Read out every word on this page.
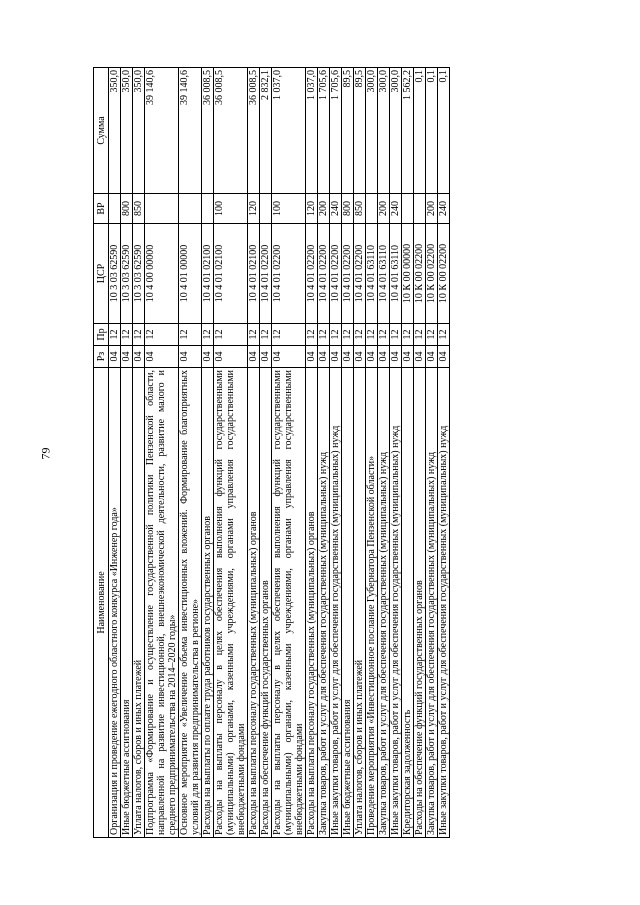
79
Наименование	Рз	Пр	ЦСР	ВР	Сумма
Организация и проведение ежегодного областного конкурса «Инженер года»	04	12	10 3 03 62590		350,0
Иные бюджетные ассигнования	04	12	10 3 03 62590	800	350,0
Уплата налогов, сборов и иных платежей	04	12	10 3 03 62590	850	350,0
Подпрограмма «Формирование и осуществление государственной политики Пензенской области, направленной на развитие инвестиционной, внешнеэкономической деятельности, развитие малого и среднего предпринимательства на 2014–2020 годы»	04	12	10 4 00 00000		39 140,6
Основное мероприятие «Увеличение объема инвестиционных вложений. Формирование благоприятных условий для развития предпринимательства в регионе»	04	12	10 4 01 00000		39 140,6
Расходы на выплаты по оплате труда работников государственных органов	04	12	10 4 01 02100		36 008,5
Расходы на выплаты персоналу в целях обеспечения выполнения функций государственными (муниципальными) органами, казенными учреждениями, органами управления государственными внебюджетными фондами	04	12	10 4 01 02100	100	36 008,5
Расходы на выплаты персоналу государственных (муниципальных) органов	04	12	10 4 01 02100	120	36 008,5
Расходы на обеспечение функций государственных органов	04	12	10 4 01 02200		2 832,1
Расходы на выплаты персоналу в целях обеспечения выполнения функций государственными (муниципальными) органами, казенными учреждениями, органами управления государственными внебюджетными фондами	04	12	10 4 01 02200	100	1 037,0
Расходы на выплаты персоналу государственных (муниципальных) органов	04	12	10 4 01 02200	120	1 037,0
Закупка товаров, работ и услуг для обеспечения государственных (муниципальных) нужд	04	12	10 4 01 02200	200	1 705,6
Иные закупки товаров, работ и услуг для обеспечения государственных (муниципальных) нужд	04	12	10 4 01 02200	240	1 705,6
Иные бюджетные ассигнования	04	12	10 4 01 02200	800	89,5
Уплата налогов, сборов и иных платежей	04	12	10 4 01 02200	850	89,5
Проведение мероприятия «Инвестиционное послание Губернатора Пензенской области»	04	12	10 4 01 63110		300,0
Закупка товаров, работ и услуг для обеспечения государственных (муниципальных) нужд	04	12	10 4 01 63110	200	300,0
Иные закупки товаров, работ и услуг для обеспечения государственных (муниципальных) нужд	04	12	10 4 01 63110	240	300,0
Кредиторская задолженность	04	12	10 К 00 00000		1 562,2
Расходы на обеспечение функций государственных органов	04	12	10 К 00 02200		0,1
Закупка товаров, работ и услуг для обеспечения государственных (муниципальных) нужд	04	12	10 К 00 02200	200	0,1
Иные закупки товаров, работ и услуг для обеспечения государственных (муниципальных) нужд	04	12	10 К 00 02200	240	0,1
